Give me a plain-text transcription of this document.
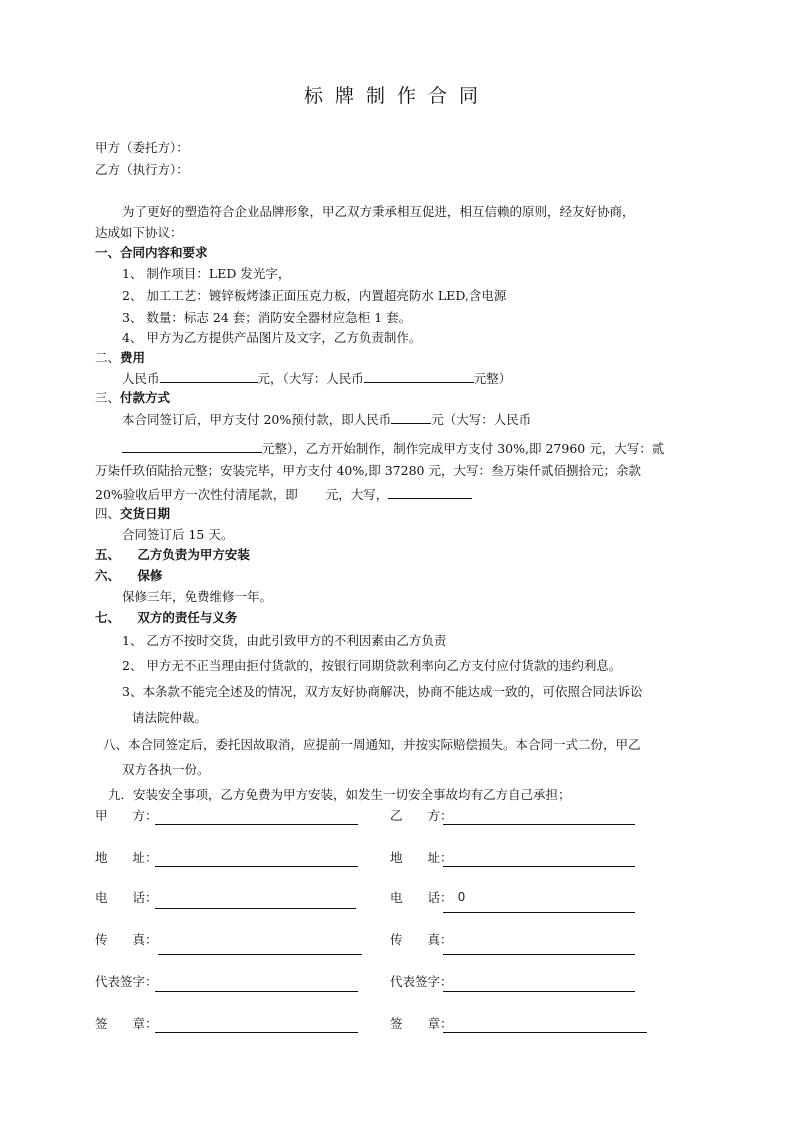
标牌制作合同
甲方（委托方）：
乙方（执行方）：
为了更好的塑造符合企业品牌形象，甲乙双方秉承相互促进，相互信赖的原则，经友好协商，
达成如下协议：
一、合同内容和要求
1、 制作项目：LED 发光字，
2、 加工工艺：镀锌板烤漆正面压克力板，内置超亮防水 LED,含电源
3、 数量：标志 24 套；消防安全器材应急柜 1 套。
4、 甲方为乙方提供产品图片及文字，乙方负责制作。
二、费用
人民币	元，（大写：人民币	元整）
三、付款方式
本合同签订后，甲方支付 20%预付款，即人民币	元（大写：人民币
元整），乙方开始制作，制作完成甲方支付 30%,即 27960 元，大写：贰
万柒仟玖佰陆拾元整；安装完毕，甲方支付 40%,即 37280 元，大写：叁万柒仟贰佰捌拾元；余款
20%验收后甲方一次性付清尾款，即 元，大写，
四、交货日期
合同签订后 15 天。
五、    乙方负责为甲方安装
六、    保修
保修三年，免费维修一年。
七、    双方的责任与义务
1、 乙方不按时交货，由此引致甲方的不利因素由乙方负责
2、 甲方无不正当理由拒付货款的，按银行同期贷款利率向乙方支付应付货款的违约利息。
3、本条款不能完全述及的情况，双方友好协商解决，协商不能达成一致的，可依照合同法诉讼
请法院仲裁。
八、本合同签定后，委托因故取消，应提前一周通知，并按实际赔偿损失。本合同一式二份，甲乙
双方各执一份。
九．安装安全事项，乙方免费为甲方安装，如发生一切安全事故均有乙方自己承担；
甲　　方：	乙　　方：
地　　址：	地　　址：
电　　话：	电　　话： 0
传　　真：	传　　真：
代表签字：	代表签字：
签　　章：	签　　章：
